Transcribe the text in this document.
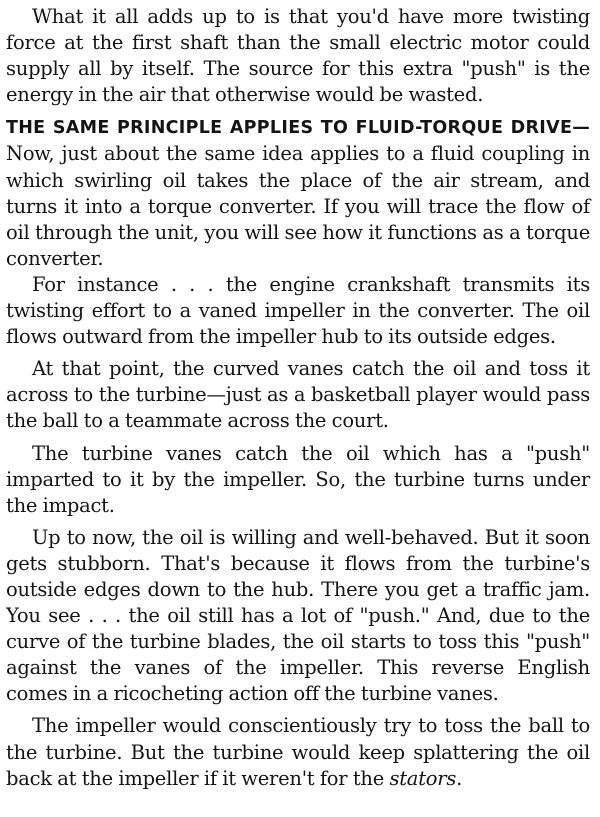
What it all adds up to is that you'd have more twisting force at the first shaft than the small electric motor could supply all by itself. The source for this extra "push" is the energy in the air that otherwise would be wasted.

THE SAME PRINCIPLE APPLIES TO FLUID-TORQUE DRIVE—Now, just about the same idea applies to a fluid coupling in which swirling oil takes the place of the air stream, and turns it into a torque converter. If you will trace the flow of oil through the unit, you will see how it functions as a torque converter.

For instance . . . the engine crankshaft transmits its twisting effort to a vaned impeller in the converter. The oil flows outward from the impeller hub to its outside edges.

At that point, the curved vanes catch the oil and toss it across to the turbine—just as a basketball player would pass the ball to a teammate across the court.

The turbine vanes catch the oil which has a "push" imparted to it by the impeller. So, the turbine turns under the impact.

Up to now, the oil is willing and well-behaved. But it soon gets stubborn. That's because it flows from the turbine's outside edges down to the hub. There you get a traffic jam. You see . . . the oil still has a lot of "push." And, due to the curve of the turbine blades, the oil starts to toss this "push" against the vanes of the impeller. This reverse English comes in a ricocheting action off the turbine vanes.

The impeller would conscientiously try to toss the ball to the turbine. But the turbine would keep splattering the oil back at the impeller if it weren't for the stators.
